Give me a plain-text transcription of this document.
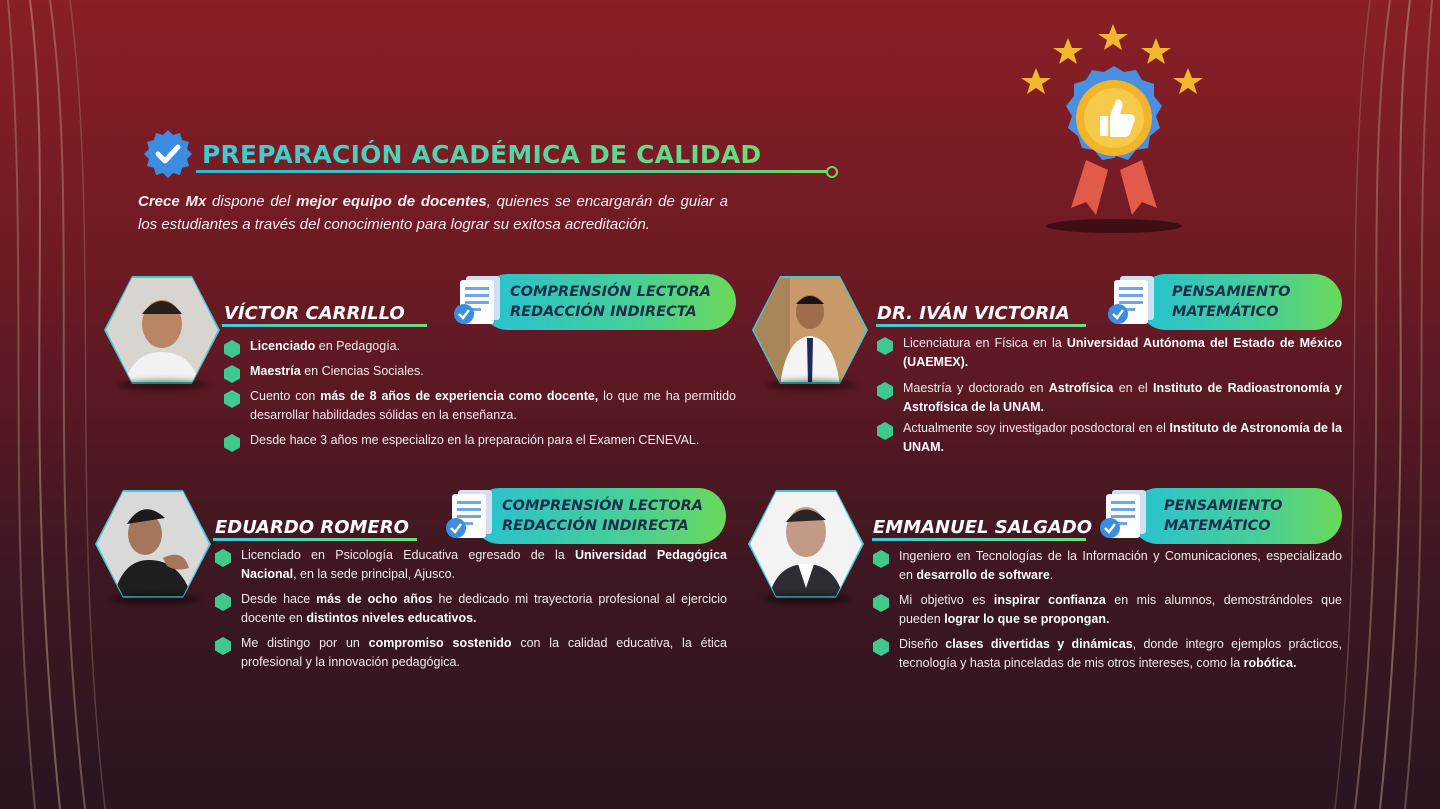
PREPARACIÓN ACADÉMICA DE CALIDAD

Crece Mx dispone del mejor equipo de docentes, quienes se encargarán de guiar a los estudiantes a través del conocimiento para lograr su exitosa acreditación.

VÍCTOR CARRILLO
COMPRENSIÓN LECTORA
REDACCIÓN INDIRECTA
Licenciado en Pedagogía.
Maestría en Ciencias Sociales.
Cuento con más de 8 años de experiencia como docente, lo que me ha permitido desarrollar habilidades sólidas en la enseñanza.
Desde hace 3 años me especializo en la preparación para el Examen CENEVAL.
DR. IVÁN VICTORIA
PENSAMIENTO
MATEMÁTICO
Licenciatura en Física en la Universidad Autónoma del Estado de México (UAEMEX).
Maestría y doctorado en Astrofísica en el Instituto de Radioastronomía y Astrofísica de la UNAM.
Actualmente soy investigador posdoctoral en el Instituto de Astronomía de la UNAM.
EDUARDO ROMERO
COMPRENSIÓN LECTORA
REDACCIÓN INDIRECTA
Licenciado en Psicología Educativa egresado de la Universidad Pedagógica Nacional, en la sede principal, Ajusco.
Desde hace más de ocho años he dedicado mi trayectoria profesional al ejercicio docente en distintos niveles educativos.
Me distingo por un compromiso sostenido con la calidad educativa, la ética profesional y la innovación pedagógica.
EMMANUEL SALGADO
PENSAMIENTO
MATEMÁTICO
Ingeniero en Tecnologías de la Información y Comunicaciones, especializado en desarrollo de software.
Mi objetivo es inspirar confianza en mis alumnos, demostrándoles que pueden lograr lo que se propongan.
Diseño clases divertidas y dinámicas, donde integro ejemplos prácticos, tecnología y hasta pinceladas de mis otros intereses, como la robótica.
